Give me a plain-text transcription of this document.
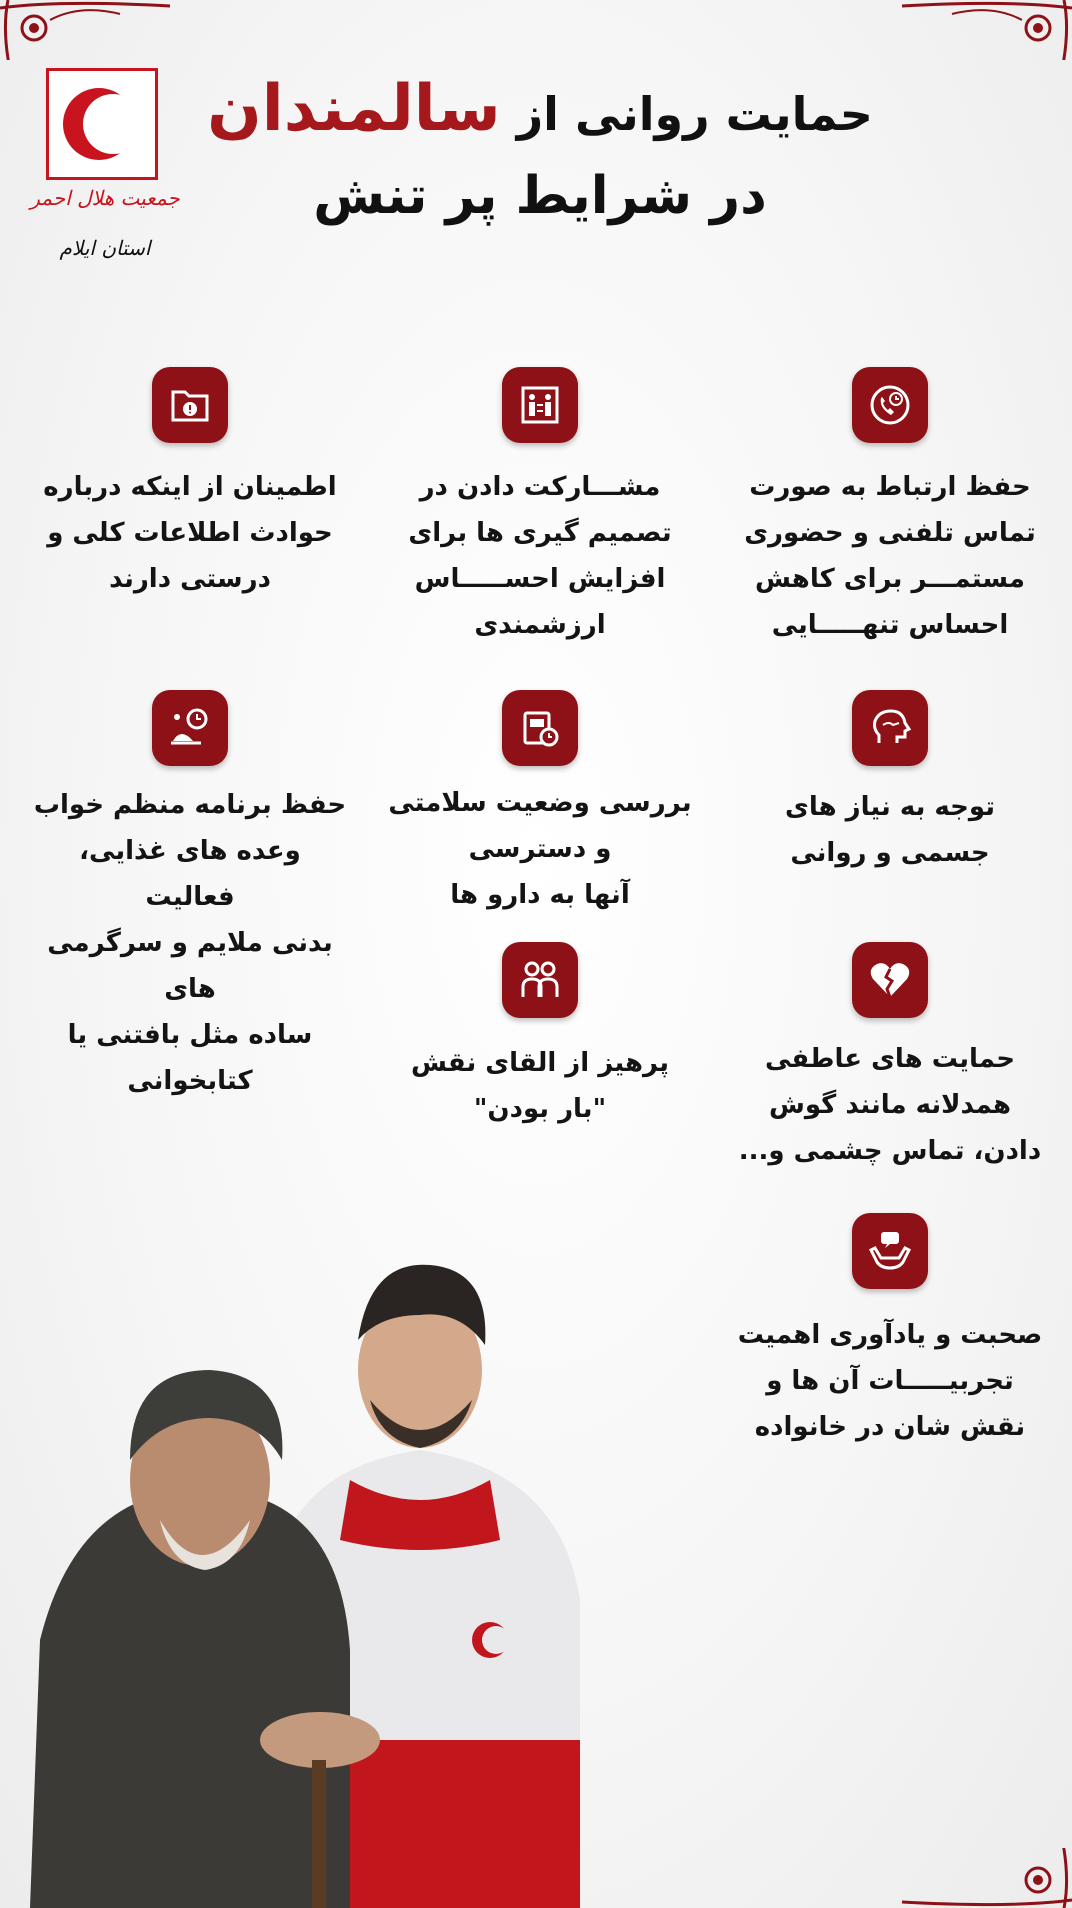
جمعیت هلال احمر
استان ایلام
حمایت روانی از سالمندان
در شرایط پر تنش
حفظ ارتباط به صورت
تماس تلفنی و حضوری
مستمـــر برای کاهش
احساس تنهـــــایی
مشـــارکت دادن در
تصمیم گیری ها برای
افزایش احســـــاس
ارزشمندی
اطمینان از اینکه درباره
حوادث اطلاعات کلی و
درستی دارند
توجه به نیاز های
جسمی و روانی
بررسی وضعیت سلامتی
و دسترسی
آنها به دارو ها
حفظ برنامه منظم خواب
وعده های غذایی، فعالیت
بدنی ملایم و سرگرمی های
ساده مثل بافتنی یا
کتابخوانی
حمایت های عاطفی
همدلانه مانند گوش
دادن، تماس چشمی و...
پرهیز از القای نقش
"بار بودن"
صحبت و یادآوری اهمیت
تجربیـــــات آن ها و
نقش شان در خانواده
